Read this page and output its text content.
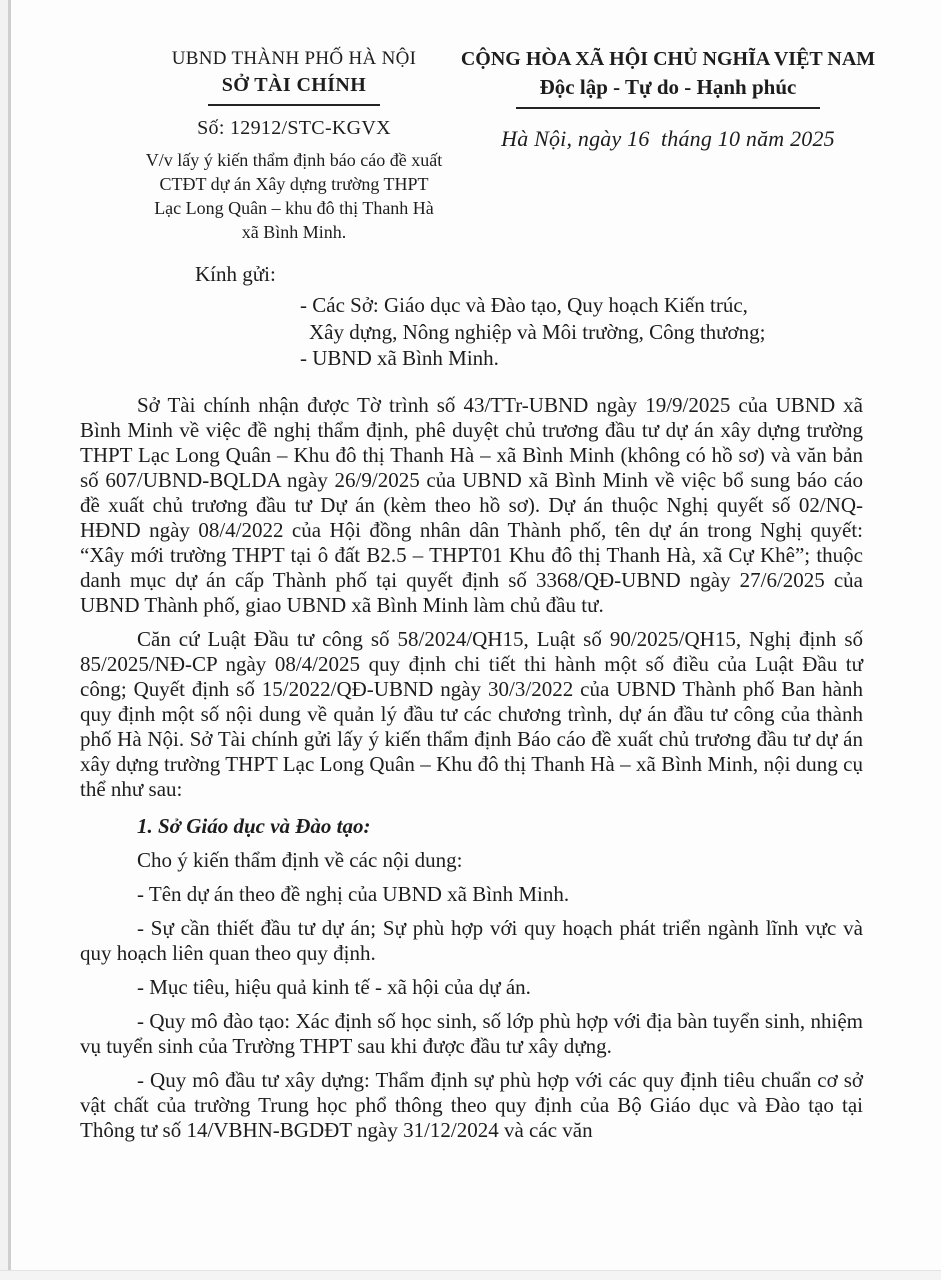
UBND THÀNH PHỐ HÀ NỘI
SỞ TÀI CHÍNH
Số: 12912/STC-KGVX
V/v lấy ý kiến thẩm định báo cáo đề xuất
CTĐT dự án Xây dựng trường THPT
Lạc Long Quân – khu đô thị Thanh Hà
xã Bình Minh.
CỘNG HÒA XÃ HỘI CHỦ NGHĨA VIỆT NAM
Độc lập - Tự do - Hạnh phúc
Hà Nội, ngày 16  tháng 10 năm 2025
Kính gửi:
- Các Sở: Giáo dục và Đào tạo, Quy hoạch Kiến trúc,
Xây dựng, Nông nghiệp và Môi trường, Công thương;
- UBND xã Bình Minh.

Sở Tài chính nhận được Tờ trình số 43/TTr-UBND ngày 19/9/2025 của UBND xã Bình Minh về việc đề nghị thẩm định, phê duyệt chủ trương đầu tư dự án xây dựng trường THPT Lạc Long Quân – Khu đô thị Thanh Hà – xã Bình Minh (không có hồ sơ) và văn bản số 607/UBND-BQLDA ngày 26/9/2025 của UBND xã Bình Minh về việc bổ sung báo cáo đề xuất chủ trương đầu tư Dự án (kèm theo hồ sơ). Dự án thuộc Nghị quyết số 02/NQ-HĐND ngày 08/4/2022 của Hội đồng nhân dân Thành phố, tên dự án trong Nghị quyết: “Xây mới trường THPT tại ô đất B2.5 – THPT01 Khu đô thị Thanh Hà, xã Cự Khê”; thuộc danh mục dự án cấp Thành phố tại quyết định số 3368/QĐ-UBND ngày 27/6/2025 của UBND Thành phố, giao UBND xã Bình Minh làm chủ đầu tư.

Căn cứ Luật Đầu tư công số 58/2024/QH15, Luật số 90/2025/QH15, Nghị định số 85/2025/NĐ-CP ngày 08/4/2025 quy định chi tiết thi hành một số điều của Luật Đầu tư công; Quyết định số 15/2022/QĐ-UBND ngày 30/3/2022 của UBND Thành phố Ban hành quy định một số nội dung về quản lý đầu tư các chương trình, dự án đầu tư công của thành phố Hà Nội. Sở Tài chính gửi lấy ý kiến thẩm định Báo cáo đề xuất chủ trương đầu tư dự án xây dựng trường THPT Lạc Long Quân – Khu đô thị Thanh Hà – xã Bình Minh, nội dung cụ thể như sau:

1. Sở Giáo dục và Đào tạo:

Cho ý kiến thẩm định về các nội dung:

- Tên dự án theo đề nghị của UBND xã Bình Minh.

- Sự cần thiết đầu tư dự án; Sự phù hợp với quy hoạch phát triển ngành lĩnh vực và quy hoạch liên quan theo quy định.

- Mục tiêu, hiệu quả kinh tế - xã hội của dự án.

- Quy mô đào tạo: Xác định số học sinh, số lớp phù hợp với địa bàn tuyển sinh, nhiệm vụ tuyển sinh của Trường THPT sau khi được đầu tư xây dựng.

- Quy mô đầu tư xây dựng: Thẩm định sự phù hợp với các quy định tiêu chuẩn cơ sở vật chất của trường Trung học phổ thông theo quy định của Bộ Giáo dục và Đào tạo tại Thông tư số 14/VBHN-BGDĐT ngày 31/12/2024 và các văn
